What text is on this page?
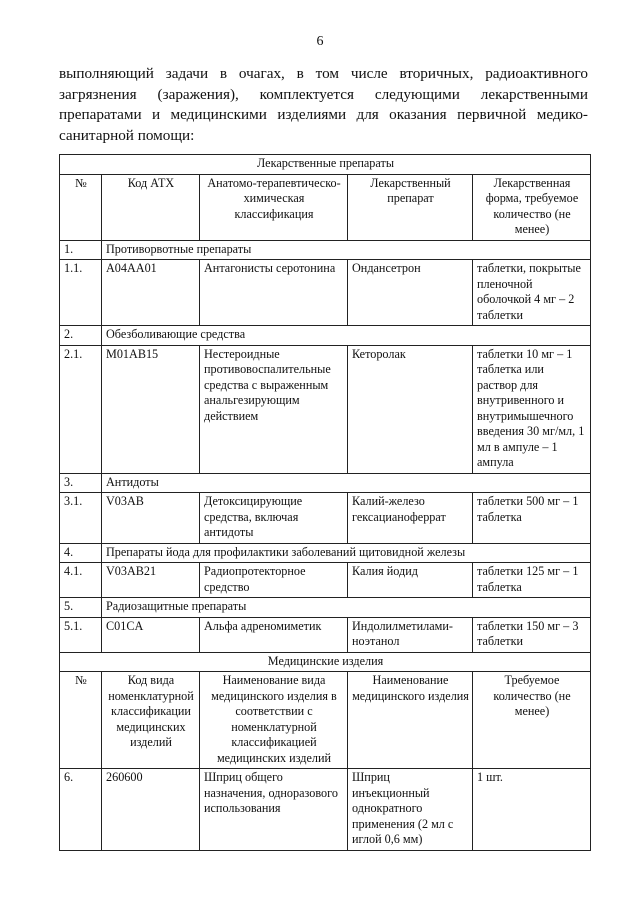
6
выполняющий задачи в очагах, в том числе вторичных, радиоактивного загрязнения (заражения), комплектуется следующими лекарственными препаратами и медицинскими изделиями для оказания первичной медико-санитарной помощи:
Лекарственные препараты				
№	Код АТХ	Анатомо-терапевтическо-химическая классификация	Лекарственный препарат	Лекарственная форма, требуемое количество (не менее)
1.	Противорвотные препараты			
1.1.	A04AA01	Антагонисты серотонина	Ондансетрон	таблетки, покрытые пленочной оболочкой 4 мг – 2 таблетки
2.	Обезболивающие средства			
2.1.	M01AB15	Нестероидные противовоспалительные средства с выраженным анальгезирующим действием	Кеторолак	таблетки 10 мг – 1 таблетка или раствор для внутривенного и внутримышечного введения 30 мг/мл, 1 мл в ампуле – 1 ампула
3.	Антидоты			
3.1.	V03AB	Детоксицирующие средства, включая антидоты	Калий-железо гексацианоферрат	таблетки 500 мг – 1 таблетка
4.	Препараты йода для профилактики заболеваний щитовидной железы			
4.1.	V03AB21	Радиопротекторное средство	Калия йодид	таблетки 125 мг – 1 таблетка
5.	Радиозащитные препараты			
5.1.	C01CA	Альфа адреномиметик	Индолилметилами-ноэтанол	таблетки 150 мг – 3 таблетки
Медицинские изделия				
№	Код вида номенклатурной классификации медицинских изделий	Наименование вида медицинского изделия в соответствии с номенклатурной классификацией медицинских изделий	Наименование медицинского изделия	Требуемое количество (не менее)
6.	260600	Шприц общего назначения, одноразового использования	Шприц инъекционный однократного применения (2 мл с иглой 0,6 мм)	1 шт.
